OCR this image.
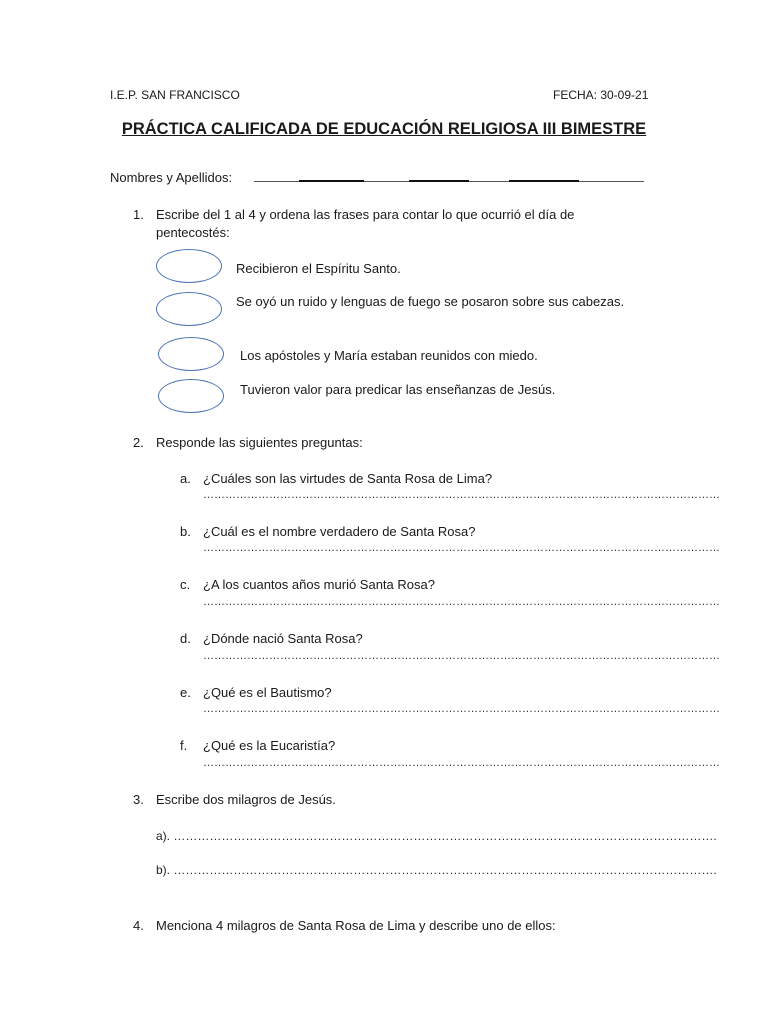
I.E.P. SAN FRANCISCO	FECHA: 30-09-21
PRÁCTICA CALIFICADA DE EDUCACIÓN RELIGIOSA III BIMESTRE
Nombres y Apellidos:
1. Escribe del 1 al 4 y ordena las frases para contar lo que ocurrió el día de
pentecostés:
Recibieron el Espíritu Santo.
Se oyó un ruido y lenguas de fuego se posaron sobre sus cabezas.
Los apóstoles y María estaban reunidos con miedo.
Tuvieron valor para predicar las enseñanzas de Jesús.
2. Responde las siguientes preguntas:
a. ¿Cuáles son las virtudes de Santa Rosa de Lima?
……………………………………………………………………………………………………………………………
b. ¿Cuál es el nombre verdadero de Santa Rosa?
……………………………………………………………………………………………………………………………
c. ¿A los cuantos años murió Santa Rosa?
……………………………………………………………………………………………………………………………
d. ¿Dónde nació Santa Rosa?
……………………………………………………………………………………………………………………………
e. ¿Qué es el Bautismo?
……………………………………………………………………………………………………………………………
f. ¿Qué es la Eucaristía?
……………………………………………………………………………………………………………………………
3. Escribe dos milagros de Jesús.
a). ……………………………………………………………………………………………………………………….
b). ……………………………………………………………………………………………………………………….
4. Menciona 4 milagros de Santa Rosa de Lima y describe uno de ellos:
